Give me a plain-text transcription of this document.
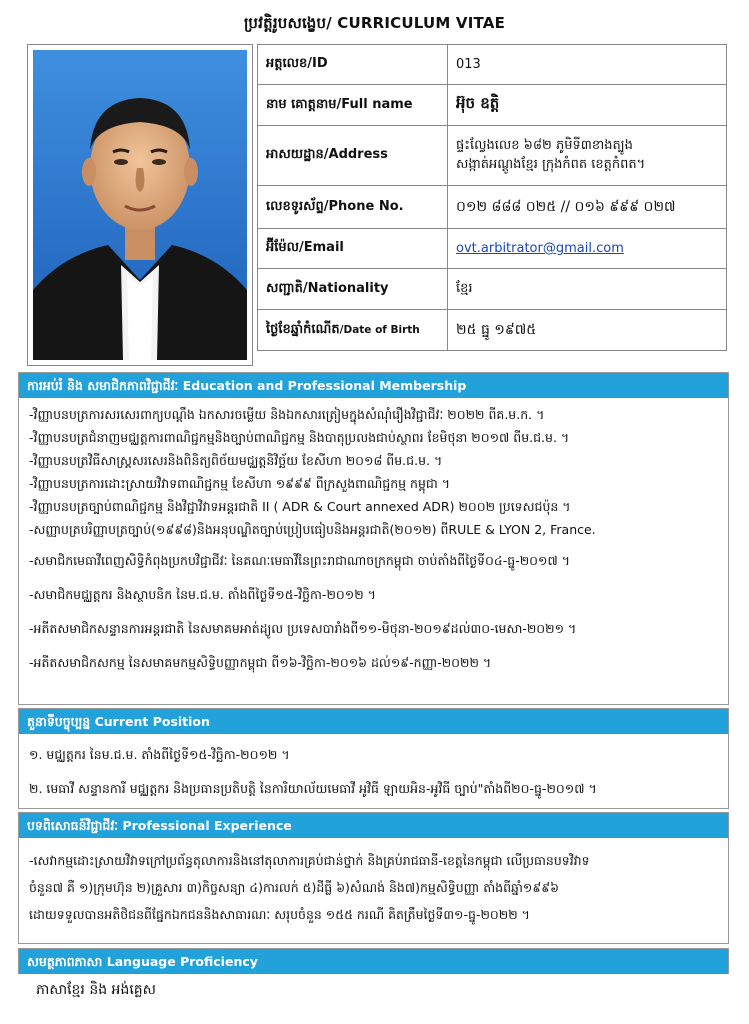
ប្រវត្តិរូបសង្ខេប/ CURRICULUM VITAE
អត្តលេខ/ID	013
នាម គោត្តនាម/Full name	អ៊ុច ឧត្តិ
អាសយដ្ឋាន/Address	ផ្ទះល្វែងលេខ ៦៨២ ភូមិទី៣ខាងត្បូង
សង្កាត់អណ្តូងខ្មែរ ក្រុងកំពត ខេត្តកំពត។

លេខទូរស័ព្ទ/Phone No.	០១២ ៨៨៨ ០២៥ // ០១៦ ៩៩៩ ០២៧
អ៊ីម៉ែល/Email	ovt.arbitrator@gmail.com
សញ្ជាតិ/Nationality	ខ្មែរ
ថ្ងៃខែឆ្នាំកំណើត/Date of Birth	២៥ ធ្នូ ១៩៧៥
ការអប់រំ និង សមាជិកភាពវិជ្ជាជីវៈ Education and Professional Membership
-វិញ្ញាបនបត្រការសរសេរពាក្យបណ្តឹង ឯកសារចម្លើយ និងឯកសារត្រៀមក្នុងសំណុំរឿងវិជ្ជាជីវៈ ២០២២ ពីគ.ម.ក. ។
-វិញ្ញាបនបត្រជំនាញមជ្ឈត្តការពាណិជ្ជកម្មនិងច្បាប់ពាណិជ្ជកម្ម និងបាតុប្រលងជាប់ស្ថាពរ ខែមិថុនា ២០១៧ ពីម.ជ.ម. ។
-វិញ្ញាបនបត្រវិធីសាស្ត្រសរសេរនិងពិនិត្យពិច័យមជ្ឈត្តនិវិច្ឆ័យ ខែសីហា ២០១៨ ពីម.ជ.ម. ។
-វិញ្ញាបនបត្រការដោះស្រាយវិវាទពាណិជ្ជកម្ម ខែសីហា ១៩៩៩ ពីក្រសួងពាណិជ្ជកម្ម កម្ពុជា ។
-វិញ្ញាបនបត្រច្បាប់ពាណិជ្ជកម្ម និងវិជ្ជាវិវាទអន្តរជាតិ II ( ADR & Court annexed ADR) ២០០២ ប្រទេសជប៉ុន ។
-សញ្ញាបត្របរិញ្ញាបត្រច្បាប់(១៩៩៨)និងអនុបណ្ឌិតច្បាប់ប្រៀបធៀបនិងអន្តរជាតិ(២០១២) ពីRULE & LYON 2, France.
-សមាជិកមេធាវីពេញសិទ្ធិកំពុងប្រកបវិជ្ជាជីវៈ នៃគណៈមេធាវីនៃព្រះរាជាណាចក្រកម្ពុជា ចាប់តាំងពីថ្ងៃទី០៤-ធ្នូ-២០១៧ ។
-សមាជិកមជ្ឈត្តករ និងស្ថាបនិក នៃម.ជ.ម. តាំងពីថ្ងៃទី១៥-វិច្ឆិកា-២០១២ ។
-អតីតសមាជិកសន្ទានការអន្តរជាតិ នៃសមាគមអាត់ដ្យូល ប្រទេសបារាំងពី១១-មិថុនា-២០១៩ដល់៣០-មេសា-២០២១ ។
-អតីតសមាជិកសកម្ម នៃសមាគមកម្មសិទ្ធិបញ្ញាកម្ពុជា ពី១៦-វិច្ឆិកា-២០១៦ ដល់១៩-កញ្ញា-២០២២ ។
តួនាទីបច្ចុប្បន្ន Current Position
១. មជ្ឈត្តករ នៃម.ជ.ម. តាំងពីថ្ងៃទី១៥-វិច្ឆិកា-២០១២ ។
២. មេធាវី សន្ទានការី មជ្ឈត្តករ និងប្រធានប្រតិបត្តិ នៃការិយាល័យមេធាវី អូវិធី ឡាយអិន-អូវិធី ច្បាប់"តាំងពី២០-ធ្នូ-២០១៧ ។
បទពិសោធន៍វិជ្ជាជីវៈ Professional Experience
-សេវាកម្មដោះស្រាយវិវាទក្រៅប្រព័ន្ធតុលាការនិងនៅតុលាការគ្រប់ជាន់ថ្នាក់ និងគ្រប់រាជធានី-ខេត្តនៃកម្ពុជា លើប្រធានបទវិវាទ
ចំនួន៧ គឺ ១)ក្រុមហ៊ុន ២)គ្រួសារ ៣)កិច្ចសន្យា ៤)ការលក់ ៥)ដីធ្លី ៦)សំណង់ និង៧)កម្មសិទ្ធិបញ្ញា តាំងពីឆ្នាំ១៩៩៦
ដោយទទួលបានអតិថិជនពីផ្នែកឯកជននិងសាធារណៈ សរុបចំនួន ១៥៥ ករណី គិតត្រឹមថ្ងៃទី៣១-ធ្នូ-២០២២ ។
សមត្ថភាពភាសា Language Proficiency
ភាសាខ្មែរ និង អង់គ្លេស
